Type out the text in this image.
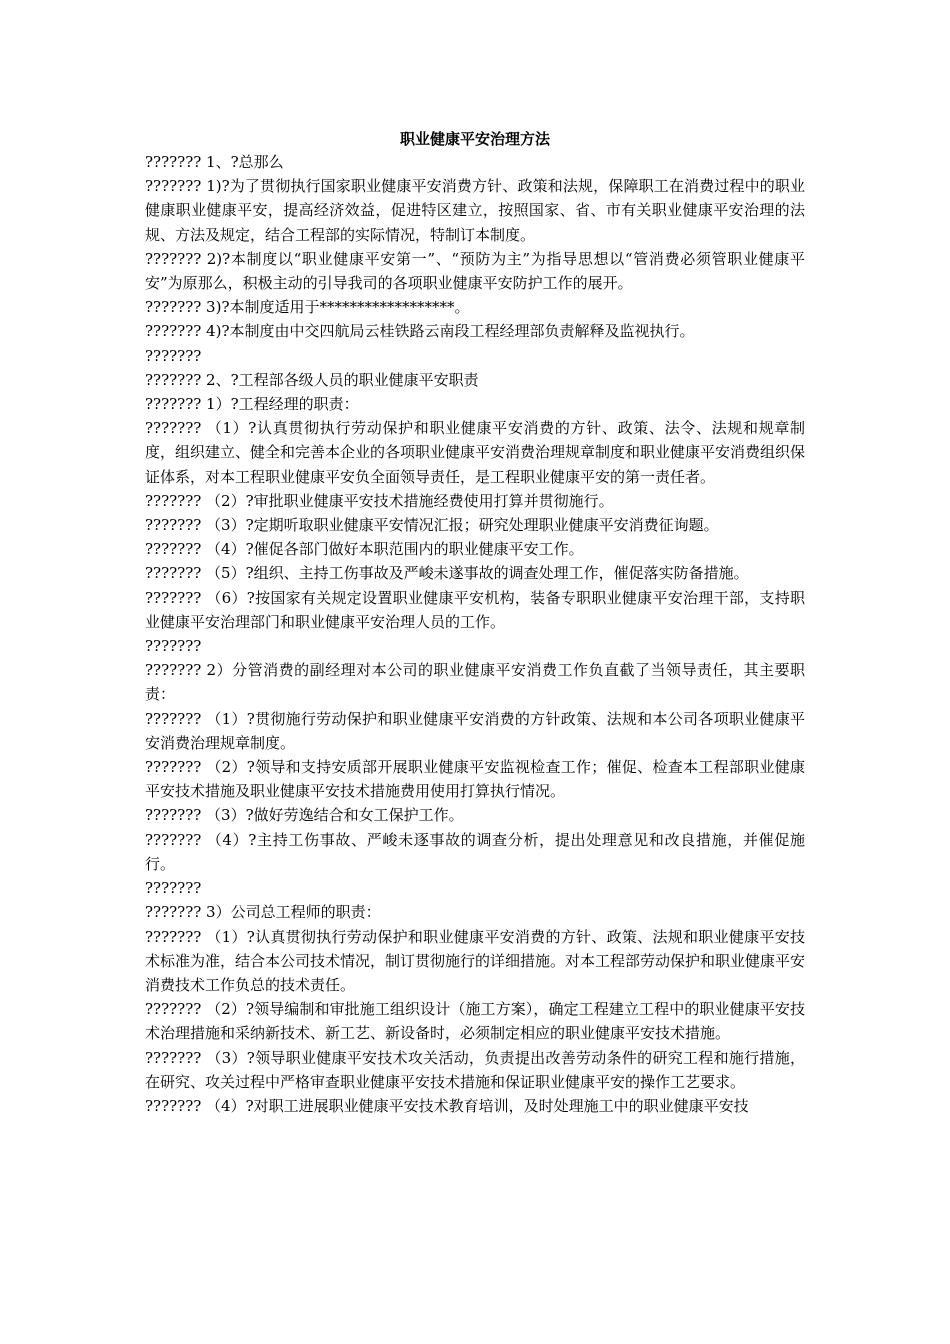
职业健康平安治理方法

??????? 1、?总那么

??????? 1)?为了贯彻执行国家职业健康平安消费方针、政策和法规，保障职工在消费过程中的职业健康职业健康平安，提高经济效益，促进特区建立，按照国家、省、市有关职业健康平安治理的法规、方法及规定，结合工程部的实际情况，特制订本制度。

??????? 2)?本制度以“职业健康平安第一”、“预防为主”为指导思想以“管消费必须管职业健康平安”为原那么，积极主动的引导我司的各项职业健康平安防护工作的展开。

??????? 3)?本制度适用于******************。

??????? 4)?本制度由中交四航局云桂铁路云南段工程经理部负责解释及监视执行。

???????

??????? 2、?工程部各级人员的职业健康平安职责

??????? 1）?工程经理的职责：

??????? （1）?认真贯彻执行劳动保护和职业健康平安消费的方针、政策、法令、法规和规章制度，组织建立、健全和完善本企业的各项职业健康平安消费治理规章制度和职业健康平安消费组织保证体系，对本工程职业健康平安负全面领导责任，是工程职业健康平安的第一责任者。

??????? （2）?审批职业健康平安技术措施经费使用打算并贯彻施行。

??????? （3）?定期听取职业健康平安情况汇报；研究处理职业健康平安消费征询题。

??????? （4）?催促各部门做好本职范围内的职业健康平安工作。

??????? （5）?组织、主持工伤事故及严峻未遂事故的调查处理工作，催促落实防备措施。

??????? （6）?按国家有关规定设置职业健康平安机构，装备专职职业健康平安治理干部，支持职业健康平安治理部门和职业健康平安治理人员的工作。

???????

??????? 2）分管消费的副经理对本公司的职业健康平安消费工作负直截了当领导责任，其主要职责：

??????? （1）?贯彻施行劳动保护和职业健康平安消费的方针政策、法规和本公司各项职业健康平安消费治理规章制度。

??????? （2）?领导和支持安质部开展职业健康平安监视检查工作；催促、检查本工程部职业健康平安技术措施及职业健康平安技术措施费用使用打算执行情况。

??????? （3）?做好劳逸结合和女工保护工作。

??????? （4）?主持工伤事故、严峻未逐事故的调查分析，提出处理意见和改良措施，并催促施行。

???????

??????? 3）公司总工程师的职责：

??????? （1）?认真贯彻执行劳动保护和职业健康平安消费的方针、政策、法规和职业健康平安技术标准为准，结合本公司技术情况，制订贯彻施行的详细措施。对本工程部劳动保护和职业健康平安消费技术工作负总的技术责任。

??????? （2）?领导编制和审批施工组织设计（施工方案），确定工程建立工程中的职业健康平安技术治理措施和采纳新技术、新工艺、新设备时，必须制定相应的职业健康平安技术措施。

??????? （3）?领导职业健康平安技术攻关活动，负责提出改善劳动条件的研究工程和施行措施，在研究、攻关过程中严格审查职业健康平安技术措施和保证职业健康平安的操作工艺要求。

??????? （4）?对职工进展职业健康平安技术教育培训，及时处理施工中的职业健康平安技
